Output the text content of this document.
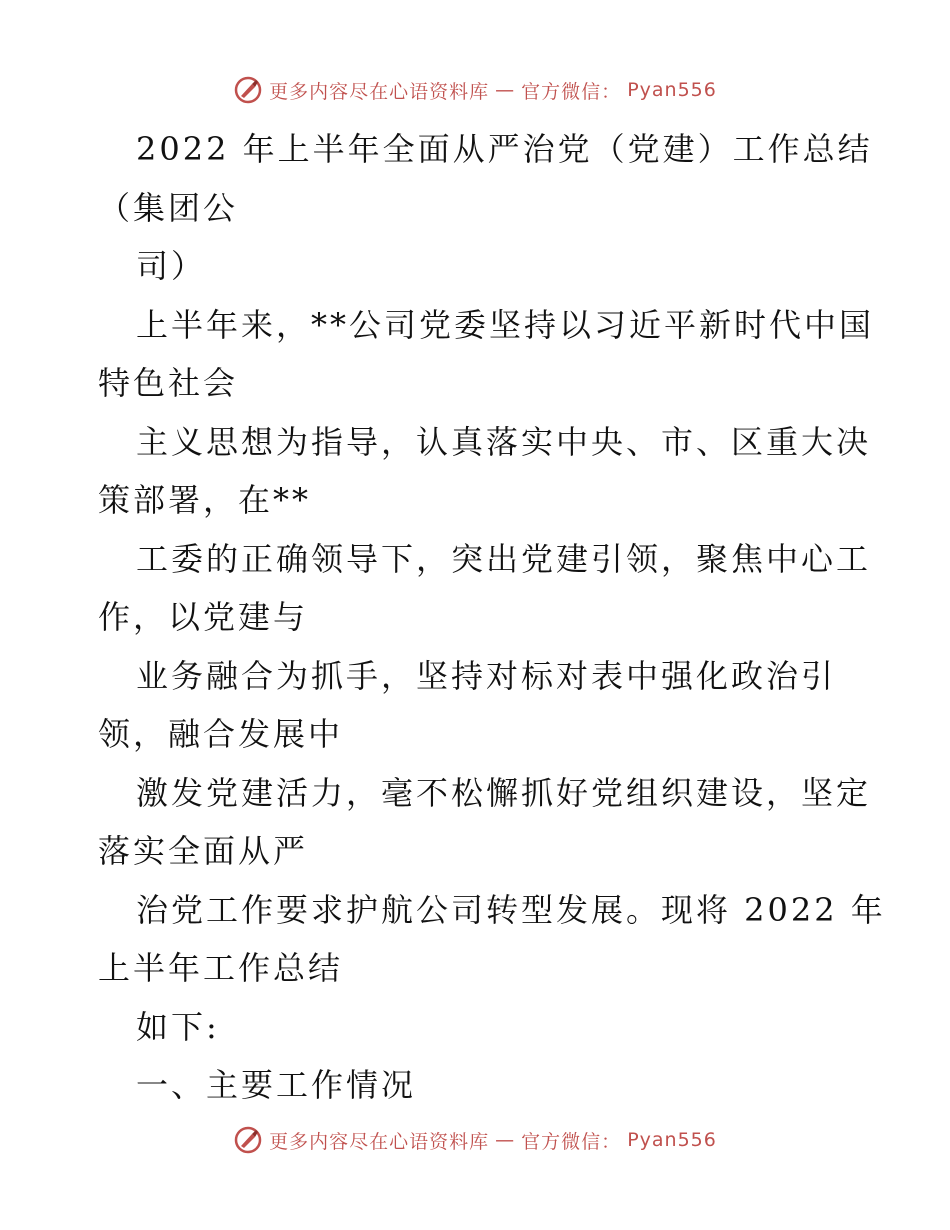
更多内容尽在心语资料库 — 官方微信： Pyan556
2022 年上半年全面从严治党（党建）工作总结
（集团公
司）
上半年来，**公司党委坚持以习近平新时代中国
特色社会
主义思想为指导，认真落实中央、市、区重大决
策部署，在**
工委的正确领导下，突出党建引领，聚焦中心工
作，以党建与
业务融合为抓手，坚持对标对表中强化政治引
领，融合发展中
激发党建活力，毫不松懈抓好党组织建设，坚定
落实全面从严
治党工作要求护航公司转型发展。现将 2022 年
上半年工作总结
如下:
一、主要工作情况
更多内容尽在心语资料库 — 官方微信： Pyan556
